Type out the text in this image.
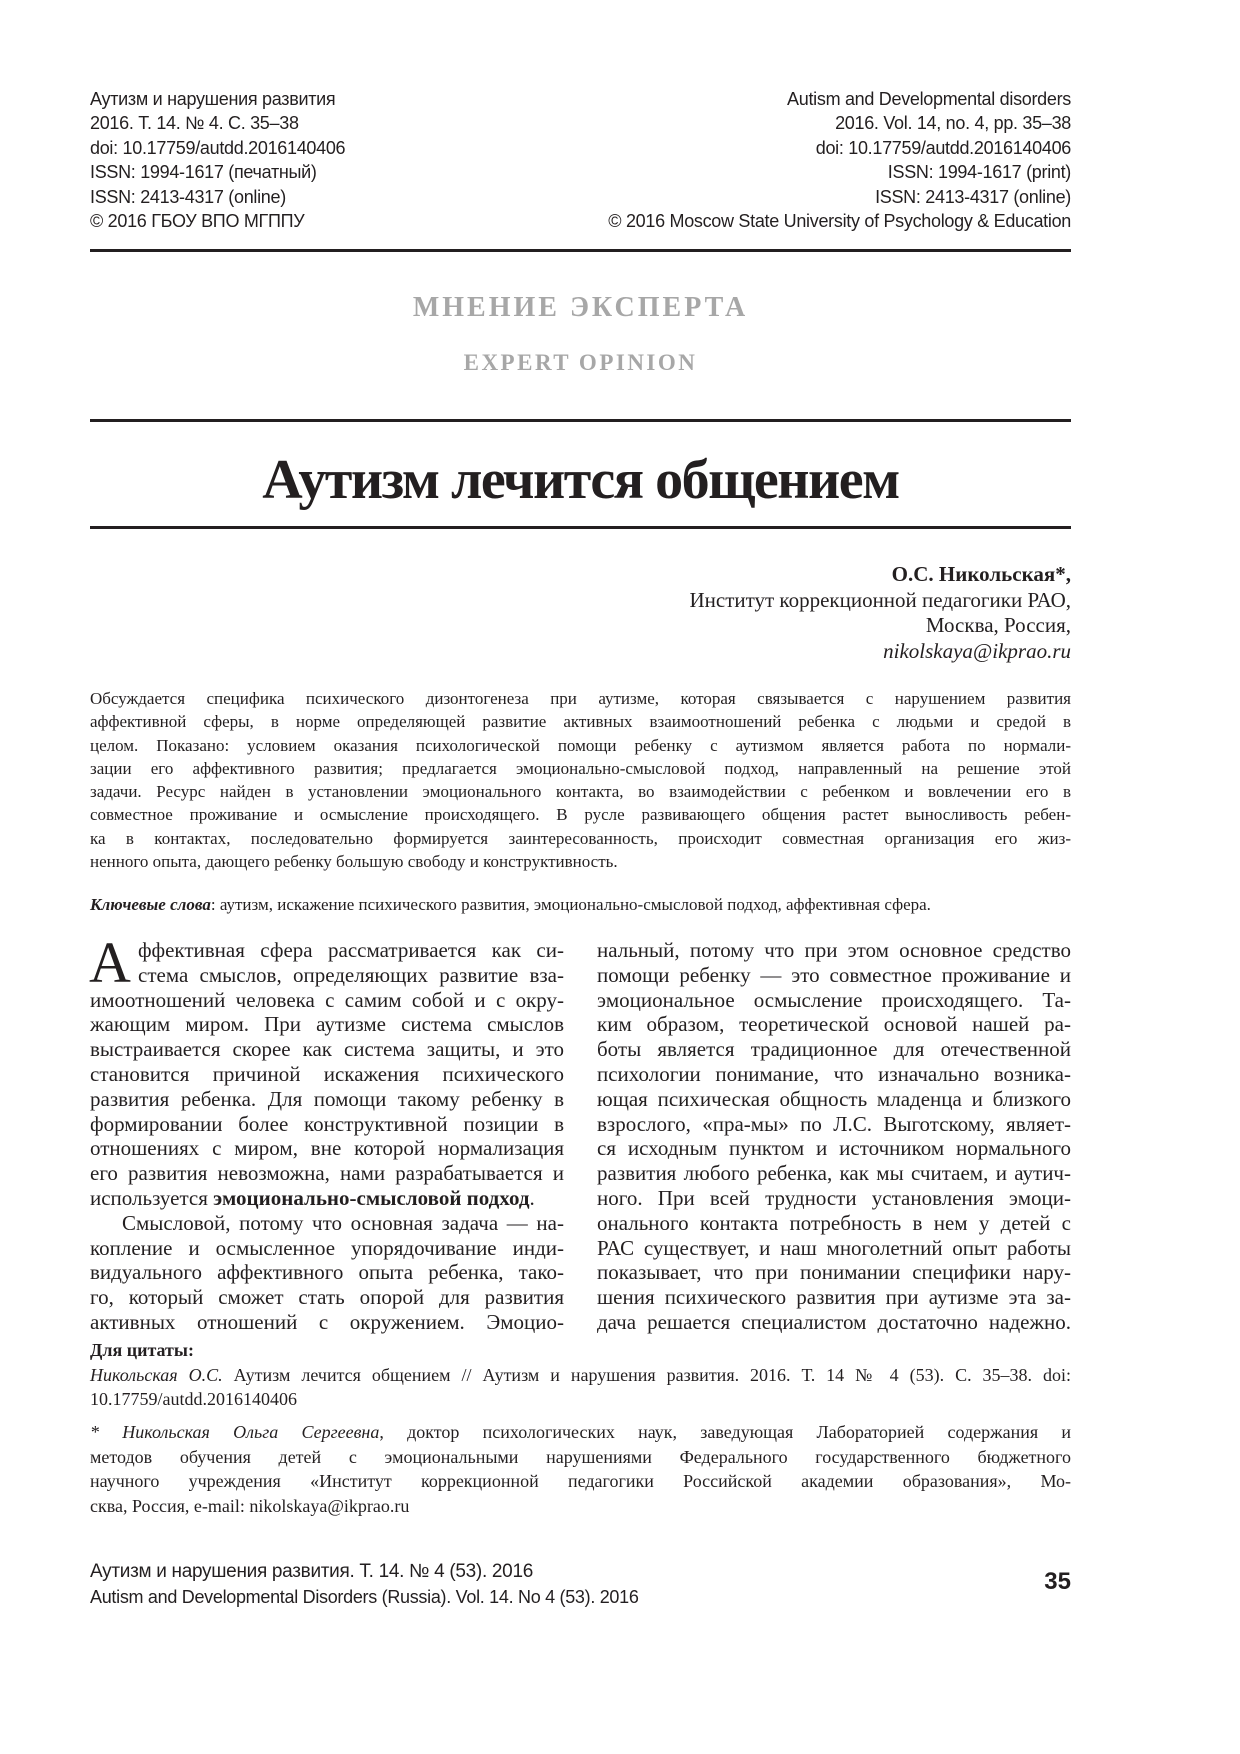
Аутизм и нарушения развития
2016. Т. 14. № 4. С. 35–38
doi: 10.17759/autdd.2016140406
ISSN: 1994-1617 (печатный)
ISSN: 2413-4317 (online)
© 2016 ГБОУ ВПО МГППУ
Autism and Developmental disorders
2016. Vol. 14, no. 4, pp. 35–38
doi: 10.17759/autdd.2016140406
ISSN: 1994-1617 (print)
ISSN: 2413-4317 (online)
© 2016 Moscow State University of Psychology & Education
МНЕНИЕ ЭКСПЕРТА
EXPERT OPINION
Аутизм лечится общением
О.С. Никольская*,
Институт коррекционной педагогики РАО,
Москва, Россия,
nikolskaya@ikprao.ru
Обсуждается специфика психического дизонтогенеза при аутизме, которая связывается с нарушением развития
аффективной сферы, в норме определяющей развитие активных взаимоотношений ребенка с людьми и средой в
целом. Показано: условием оказания психологической помощи ребенку с аутизмом является работа по нормали-
зации его аффективного развития; предлагается эмоционально-смысловой подход, направленный на решение этой
задачи. Ресурс найден в установлении эмоционального контакта, во взаимодействии с ребенком и вовлечении его в
совместное проживание и осмысление происходящего. В русле развивающего общения растет выносливость ребен-
ка в контактах, последовательно формируется заинтересованность, происходит совместная организация его жиз-
ненного опыта, дающего ребенку большую свободу и конструктивность.
Ключевые слова: аутизм, искажение психического развития, эмоционально-смысловой подход, аффективная сфера.
А ффективная сфера рассматривается как си-
стема смыслов, определяющих развитие вза-
имоотношений человека с самим собой и с окру-
жающим миром. При аутизме система смыслов
выстраивается скорее как система защиты, и это
становится причиной искажения психического
развития ребенка. Для помощи такому ребенку в
формировании более конструктивной позиции в
отношениях с миром, вне которой нормализация
его развития невозможна, нами разрабатывается и
используется эмоционально-смысловой подход.
Смысловой, потому что основная задача — на-
копление и осмысленное упорядочивание инди-
видуального аффективного опыта ребенка, тако-
го, который сможет стать опорой для развития
активных отношений с окружением. Эмоцио-
нальный, потому что при этом основное средство
помощи ребенку — это совместное проживание и
эмоциональное осмысление происходящего. Та-
ким образом, теоретической основой нашей ра-
боты является традиционное для отечественной
психологии понимание, что изначально возника-
ющая психическая общность младенца и близкого
взрослого, «пра-мы» по Л.С. Выготскому, являет-
ся исходным пунктом и источником нормального
развития любого ребенка, как мы считаем, и аутич-
ного. При всей трудности установления эмоци-
онального контакта потребность в нем у детей с
РАС существует, и наш многолетний опыт работы
показывает, что при понимании специфики нару-
шения психического развития при аутизме эта за-
дача решается специалистом достаточно надежно.
Для цитаты:
Никольская О.С. Аутизм лечится общением // Аутизм и нарушения развития. 2016. Т. 14 № 4 (53). С. 35–38. doi:
10.17759/autdd.2016140406
* Никольская Ольга Сергеевна, доктор психологических наук, заведующая Лабораторией содержания и
методов обучения детей с эмоциональными нарушениями Федерального государственного бюджетного
научного учреждения «Институт коррекционной педагогики Российской академии образования», Мо-
сква, Россия, e-mail: nikolskaya@ikprao.ru
Аутизм и нарушения развития. Т. 14. № 4 (53). 2016
Autism and Developmental Disorders (Russia). Vol. 14. No 4 (53). 2016
35
